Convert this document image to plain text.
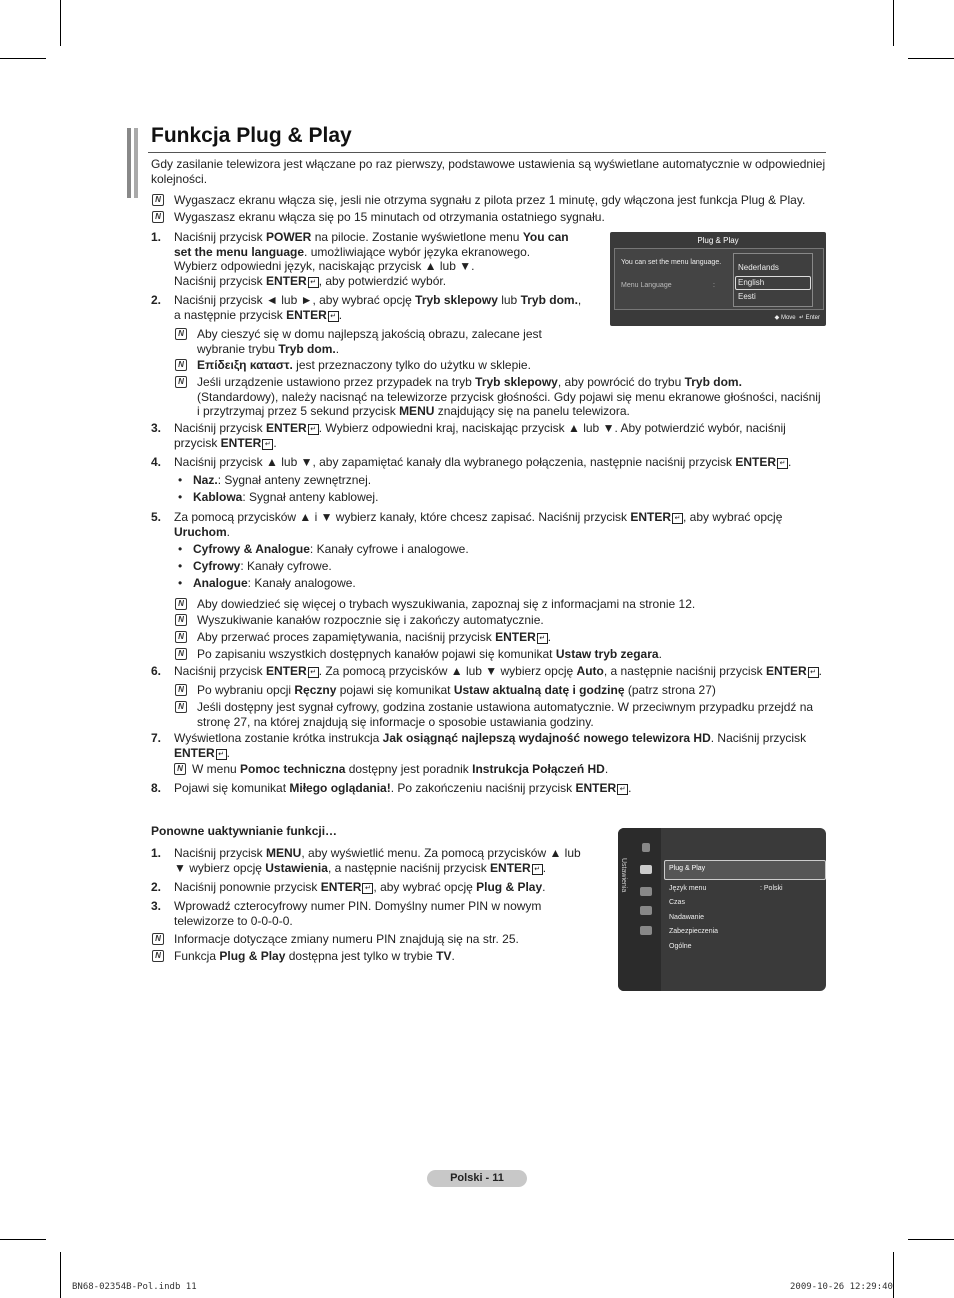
Funkcja Plug & Play
Gdy zasilanie telewizora jest włączane po raz pierwszy, podstawowe ustawienia są wyświetlane automatycznie w odpowiedniej
kolejności.
N Wygaszacz ekranu włącza się, jesli nie otrzyma sygnału z pilota przez 1 minutę, gdy włączona jest funkcja Plug & Play.
N Wygaszasz ekranu włącza się po 15 minutach od otrzymania ostatniego sygnału.
1. Naciśnij przycisk POWER na pilocie. Zostanie wyświetlone menu You can set the menu language. umożliwiające wybór języka ekranowego. Wybierz odpowiedni język, naciskając przycisk ▲ lub ▼.
Naciśnij przycisk ENTER ↵ , aby potwierdzić wybór.
Plug & Play
You can set the menu language.
Menu Language	:
Nederlands
English
Eesti
◆ Move  ↵ Enter
2. Naciśnij przycisk ◄ lub ►, aby wybrać opcję Tryb sklepowy lub Tryb dom., a następnie przycisk ENTER ↵ .
N Aby cieszyć się w domu najlepszą jakością obrazu, zalecane jest wybranie trybu Tryb dom..
N Επίδειξη καταστ. jest przeznaczony tylko do użytku w sklepie.
N Jeśli urządzenie ustawiono przez przypadek na tryb Tryb sklepowy, aby powrócić do trybu Tryb dom. (Standardowy), należy nacisnąć na telewizorze przycisk głośności. Gdy pojawi się menu ekranowe głośności, naciśnij i przytrzymaj przez 5 sekund przycisk MENU znajdujący się na panelu telewizora.
3. Naciśnij przycisk ENTER ↵ . Wybierz odpowiedni kraj, naciskając przycisk ▲ lub ▼. Aby potwierdzić wybór, naciśnij przycisk ENTER ↵ .
4. Naciśnij przycisk ▲ lub ▼, aby zapamiętać kanały dla wybranego połączenia, następnie naciśnij przycisk ENTER ↵ .
• Naz.: Sygnał anteny zewnętrznej.
• Kablowa: Sygnał anteny kablowej.
5. Za pomocą przycisków ▲ i ▼ wybierz kanały, które chcesz zapisać. Naciśnij przycisk ENTER ↵ , aby wybrać opcję Uruchom.
• Cyfrowy & Analogue: Kanały cyfrowe i analogowe.
• Cyfrowy: Kanały cyfrowe.
• Analogue: Kanały analogowe.
N Aby dowiedzieć się więcej o trybach wyszukiwania, zapoznaj się z informacjami na stronie 12.
N Wyszukiwanie kanałów rozpocznie się i zakończy automatycznie.
N Aby przerwać proces zapamiętywania, naciśnij przycisk ENTER ↵ .
N Po zapisaniu wszystkich dostępnych kanałów pojawi się komunikat Ustaw tryb zegara.
6. Naciśnij przycisk ENTER ↵ . Za pomocą przycisków ▲ lub ▼ wybierz opcję Auto, a następnie naciśnij przycisk ENTER ↵ .
N Po wybraniu opcji Ręczny pojawi się komunikat Ustaw aktualną datę i godzinę (patrz strona 27)
N Jeśli dostępny jest sygnał cyfrowy, godzina zostanie ustawiona automatycznie. W przeciwnym przypadku przejdź na stronę 27, na której znajdują się informacje o sposobie ustawiania godziny.
7. Wyświetlona zostanie krótka instrukcja Jak osiągnąć najlepszą wydajność nowego telewizora HD. Naciśnij przycisk ENTER ↵ .
N W menu Pomoc techniczna dostępny jest poradnik Instrukcja Połączeń HD.
8. Pojawi się komunikat Miłego oglądania!. Po zakończeniu naciśnij przycisk ENTER ↵ .
Ponowne uaktywnianie funkcji…
1. Naciśnij przycisk MENU, aby wyświetlić menu. Za pomocą przycisków ▲ lub ▼ wybierz opcję Ustawienia, a następnie naciśnij przycisk ENTER ↵ .
2. Naciśnij ponownie przycisk ENTER ↵ , aby wybrać opcję Plug & Play.
3. Wprowadź czterocyfrowy numer PIN. Domyślny numer PIN w nowym telewizorze to 0-0-0-0.
N Informacje dotyczące zmiany numeru PIN znajdują się na str. 25.
N Funkcja Plug & Play dostępna jest tylko w trybie TV.
Ustawienia	Plug & Play
Język menu	: Polski
Czas
Nadawanie
Zabezpieczenia
Ogólne
Polski - 11
BN68-02354B-Pol.indb 11	2009-10-26 12:29:40
